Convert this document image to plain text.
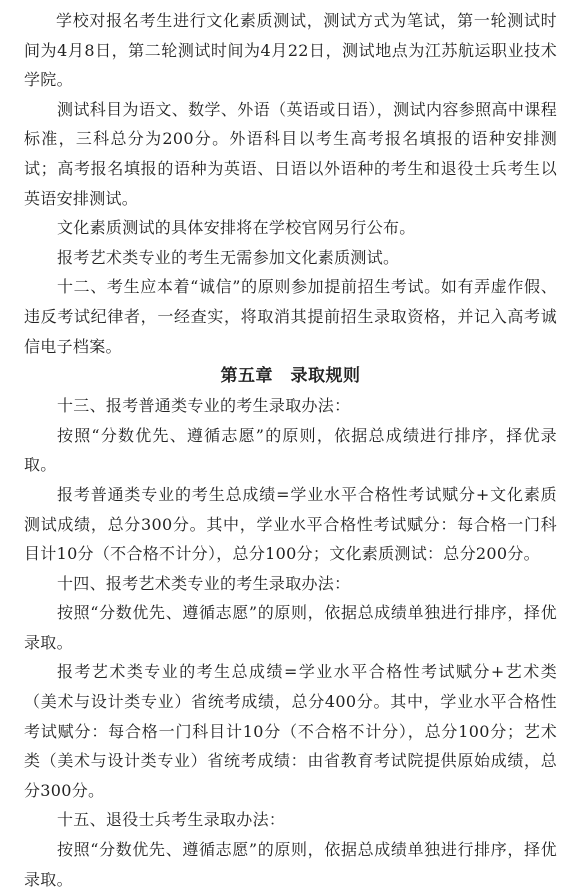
学校对报名考生进行文化素质测试，测试方式为笔试，第一轮测试时间为4月8日，第二轮测试时间为4月22日，测试地点为江苏航运职业技术学院。

测试科目为语文、数学、外语（英语或日语），测试内容参照高中课程标准，三科总分为200分。外语科目以考生高考报名填报的语种安排测试；高考报名填报的语种为英语、日语以外语种的考生和退役士兵考生以英语安排测试。

文化素质测试的具体安排将在学校官网另行公布。

报考艺术类专业的考生无需参加文化素质测试。

十二、考生应本着“诚信”的原则参加提前招生考试。如有弄虚作假、违反考试纪律者，一经查实，将取消其提前招生录取资格，并记入高考诚信电子档案。

第五章　录取规则

十三、报考普通类专业的考生录取办法：

按照“分数优先、遵循志愿”的原则，依据总成绩进行排序，择优录取。

报考普通类专业的考生总成绩=学业水平合格性考试赋分+文化素质测试成绩，总分300分。其中，学业水平合格性考试赋分：每合格一门科目计10分（不合格不计分），总分100分；文化素质测试：总分200分。

十四、报考艺术类专业的考生录取办法：

按照“分数优先、遵循志愿”的原则，依据总成绩单独进行排序，择优录取。

报考艺术类专业的考生总成绩=学业水平合格性考试赋分+艺术类（美术与设计类专业）省统考成绩，总分400分。其中，学业水平合格性考试赋分：每合格一门科目计10分（不合格不计分），总分100分；艺术类（美术与设计类专业）省统考成绩：由省教育考试院提供原始成绩，总分300分。

十五、退役士兵考生录取办法：

按照“分数优先、遵循志愿”的原则，依据总成绩单独进行排序，择优录取。
